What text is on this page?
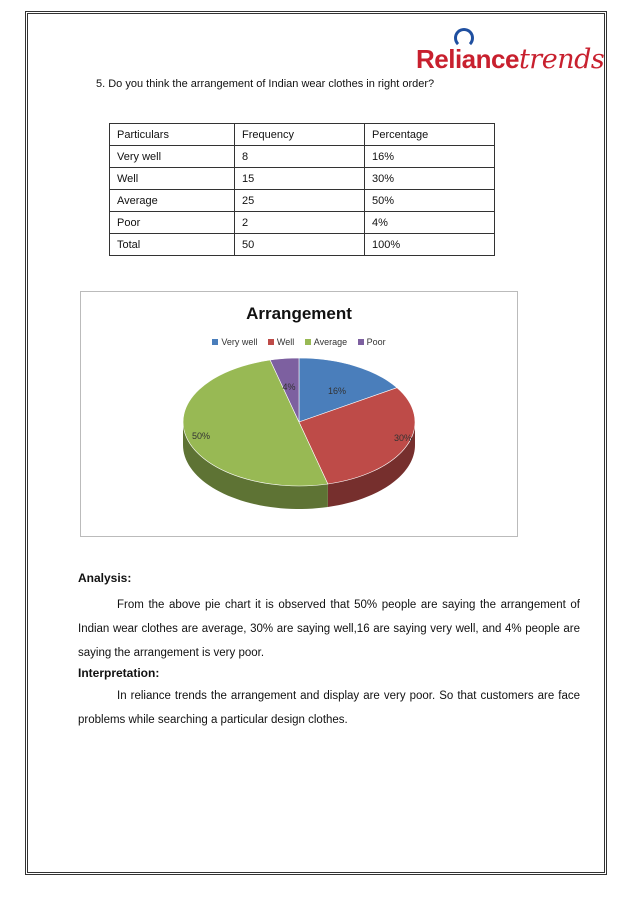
Reliancetrends
5. Do you think the arrangement of Indian wear clothes in right order?
Particulars	Frequency	Percentage
Very well	8	16%
Well	15	30%
Average	25	50%
Poor	2	4%
Total	50	100%
Arrangement
Very well Well Average Poor
16%
30%
50%
4%
Analysis:
From the above pie chart it is observed that 50% people are saying the arrangement of Indian wear clothes are average, 30% are saying well,16 are saying very well, and 4% people are saying the arrangement is very poor.
Interpretation:
In reliance trends the arrangement and display are very poor. So that customers are face problems while searching a particular design clothes.
